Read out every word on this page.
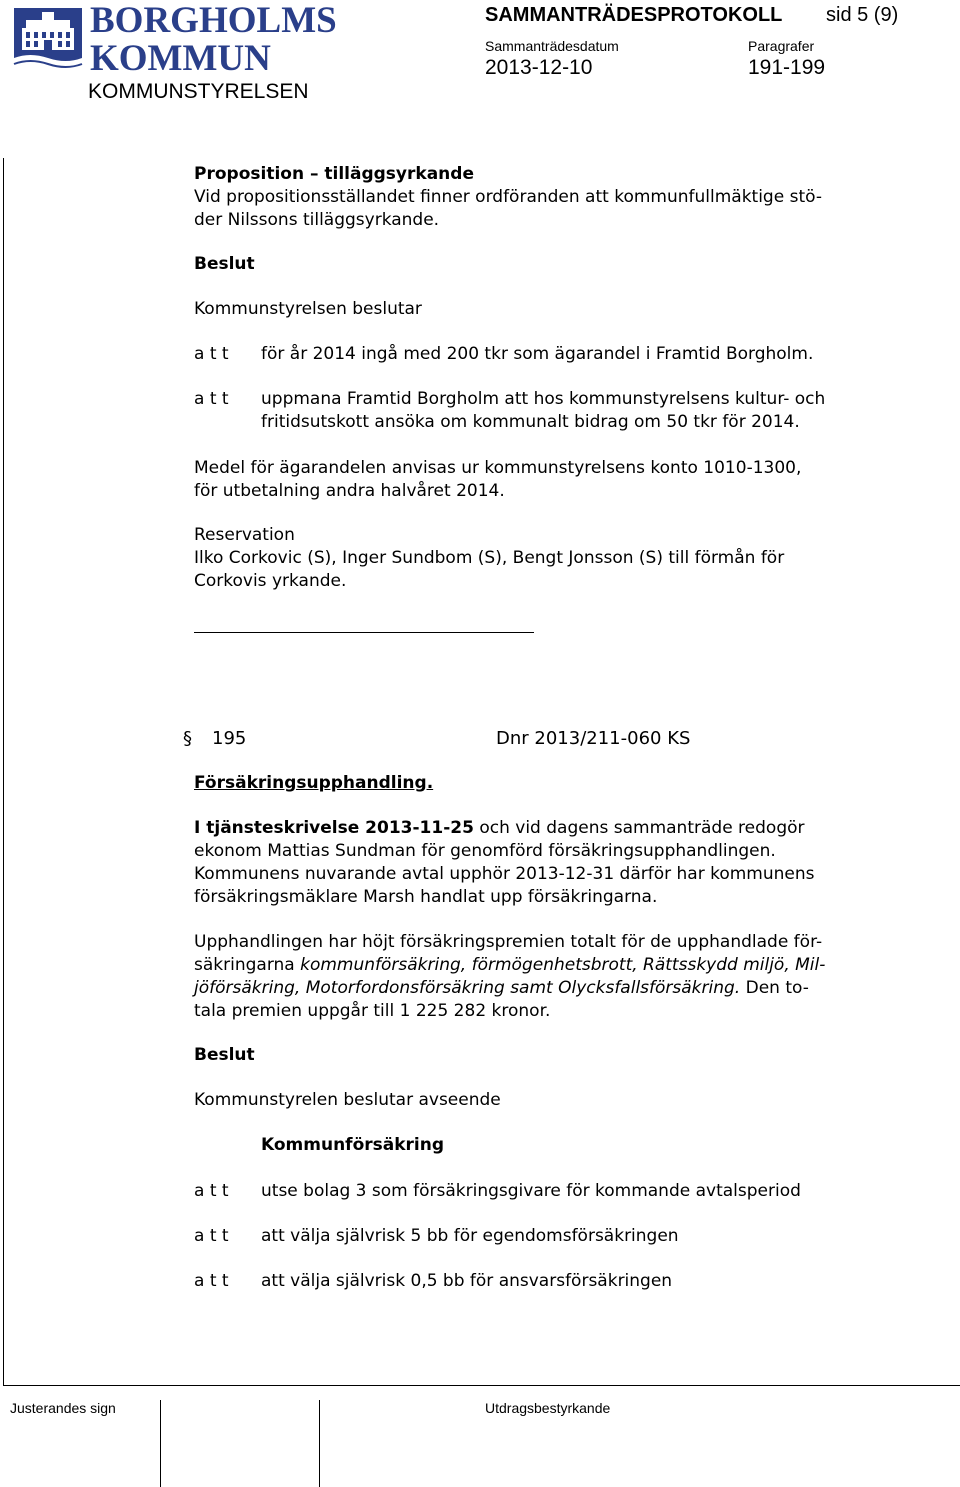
BORGHOLMS
KOMMUN
KOMMUNSTYRELSEN
SAMMANTRÄDESPROTOKOLL sid 5 (9)
Sammanträdesdatum
2013-12-10
Paragrafer
191-199
Proposition – tilläggsyrkande
Vid propositionsställandet finner ordföranden att kommunfullmäktige stö-
der Nilssons tilläggsyrkande.
Beslut
Kommunstyrelsen beslutar
a t t för år 2014 ingå med 200 tkr som ägarandel i Framtid Borgholm.
a t t uppmana Framtid Borgholm att hos kommunstyrelsens kultur- och
fritidsutskott ansöka om kommunalt bidrag om 50 tkr för 2014.
Medel för ägarandelen anvisas ur kommunstyrelsens konto 1010-1300,
för utbetalning andra halvåret 2014.
Reservation
Ilko Corkovic (S), Inger Sundbom (S), Bengt Jonsson (S) till förmån för
Corkovis yrkande.
§ 195	Dnr 2013/211-060 KS
Försäkringsupphandling.
I tjänsteskrivelse 2013-11-25 och vid dagens sammanträde redogör
ekonom Mattias Sundman för genomförd försäkringsupphandlingen.
Kommunens nuvarande avtal upphör 2013-12-31 därför har kommunens
försäkringsmäklare Marsh handlat upp försäkringarna.
Upphandlingen har höjt försäkringspremien totalt för de upphandlade för-
säkringarna kommunförsäkring, förmögenhetsbrott, Rättsskydd miljö, Mil-
jöförsäkring, Motorfordonsförsäkring samt Olycksfallsförsäkring. Den to-
tala premien uppgår till 1 225 282 kronor.
Beslut
Kommunstyrelen beslutar avseende
Kommunförsäkring
a t t utse bolag 3 som försäkringsgivare för kommande avtalsperiod
a t t att välja självrisk 5 bb för egendomsförsäkringen
a t t att välja självrisk 0,5 bb för ansvarsförsäkringen
Justerandes sign	Utdragsbestyrkande
